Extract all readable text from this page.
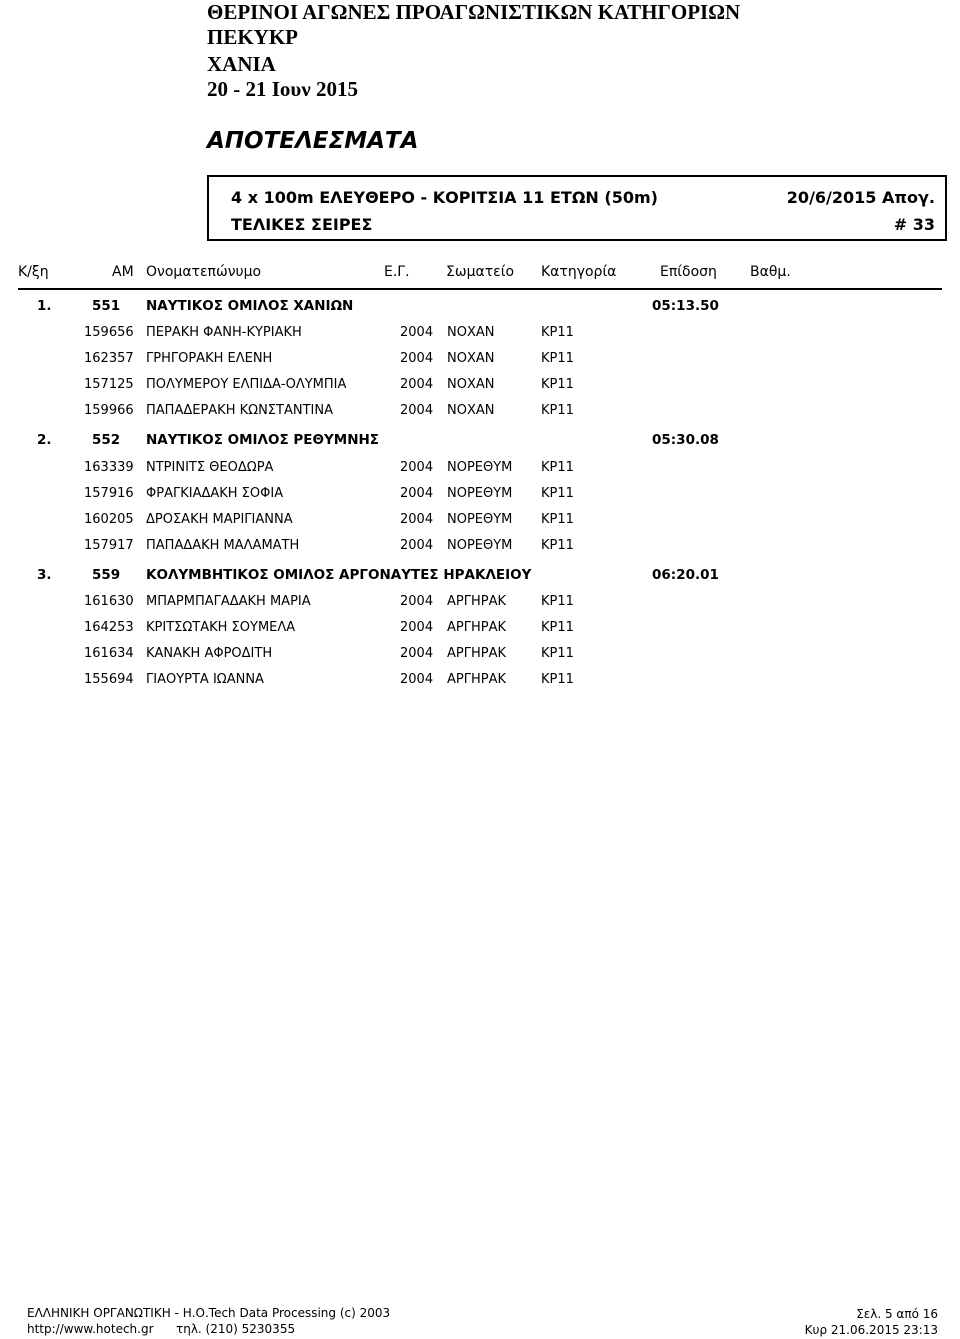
ΘΕΡΙΝΟΙ ΑΓΩΝΕΣ ΠΡΟΑΓΩΝΙΣΤΙΚΩΝ ΚΑΤΗΓΟΡΙΩΝ
ΠΕΚΥΚΡ
ΧΑΝΙΑ
20 - 21 Ιουν 2015
ΑΠΟΤΕΛΕΣΜΑΤΑ
4 x 100m ΕΛΕΥΘΕΡΟ - ΚΟΡΙΤΣΙΑ 11 ΕΤΩΝ (50m)	20/6/2015 Απογ.
ΤΕΛΙΚΕΣ ΣΕΙΡΕΣ	# 33
Κ/ξη	ΑΜ Ονοματεπώνυμο	Ε.Γ.	Σωματείο Κατηγορία	Επίδοση Βαθμ.
1.	551 ΝΑΥΤΙΚΟΣ ΟΜΙΛΟΣ ΧΑΝΙΩΝ	05:13.50
159656 ΠΕΡΑΚΗ ΦΑΝΗ-ΚΥΡΙΑΚΗ	2004 ΝΟΧΑΝ	ΚΡ11
162357 ΓΡΗΓΟΡΑΚΗ ΕΛΕΝΗ	2004 ΝΟΧΑΝ	ΚΡ11
157125 ΠΟΛΥΜΕΡΟΥ ΕΛΠΙΔΑ-ΟΛΥΜΠΙΑ	2004 ΝΟΧΑΝ	ΚΡ11
159966 ΠΑΠΑΔΕΡΑΚΗ ΚΩΝΣΤΑΝΤΙΝΑ	2004 ΝΟΧΑΝ	ΚΡ11
2.	552 ΝΑΥΤΙΚΟΣ ΟΜΙΛΟΣ ΡΕΘΥΜΝΗΣ	05:30.08
163339 ΝΤΡΙΝΙΤΣ ΘΕΟΔΩΡΑ	2004 ΝΟΡΕΘΥΜ ΚΡ11
157916 ΦΡΑΓΚΙΑΔΑΚΗ ΣΟΦΙΑ	2004 ΝΟΡΕΘΥΜ ΚΡ11
160205 ΔΡΟΣΑΚΗ ΜΑΡΙΓΙΑΝΝΑ	2004 ΝΟΡΕΘΥΜ ΚΡ11
157917 ΠΑΠΑΔΑΚΗ ΜΑΛΑΜΑΤΗ	2004 ΝΟΡΕΘΥΜ ΚΡ11
3.	559 ΚΟΛΥΜΒΗΤΙΚΟΣ ΟΜΙΛΟΣ ΑΡΓΟΝΑΥΤΕΣ ΗΡΑΚΛΕΙΟΥ	06:20.01
161630 ΜΠΑΡΜΠΑΓΑΔΑΚΗ ΜΑΡΙΑ	2004 ΑΡΓΗΡΑΚ	ΚΡ11
164253 ΚΡΙΤΣΩΤΑΚΗ ΣΟΥΜΕΛΑ	2004 ΑΡΓΗΡΑΚ	ΚΡ11
161634 ΚΑΝΑΚΗ ΑΦΡΟΔΙΤΗ	2004 ΑΡΓΗΡΑΚ	ΚΡ11
155694 ΓΙΑΟΥΡΤΑ ΙΩΑΝΝΑ	2004 ΑΡΓΗΡΑΚ	ΚΡ11
ΕΛΛΗΝΙΚΗ ΟΡΓΑΝΩΤΙΚΗ - Η.Ο.Tech Data Processing (c) 2003
http://www.hotech.gr τηλ. (210) 5230355
Σελ. 5 από 16
Κυρ 21.06.2015 23:13
